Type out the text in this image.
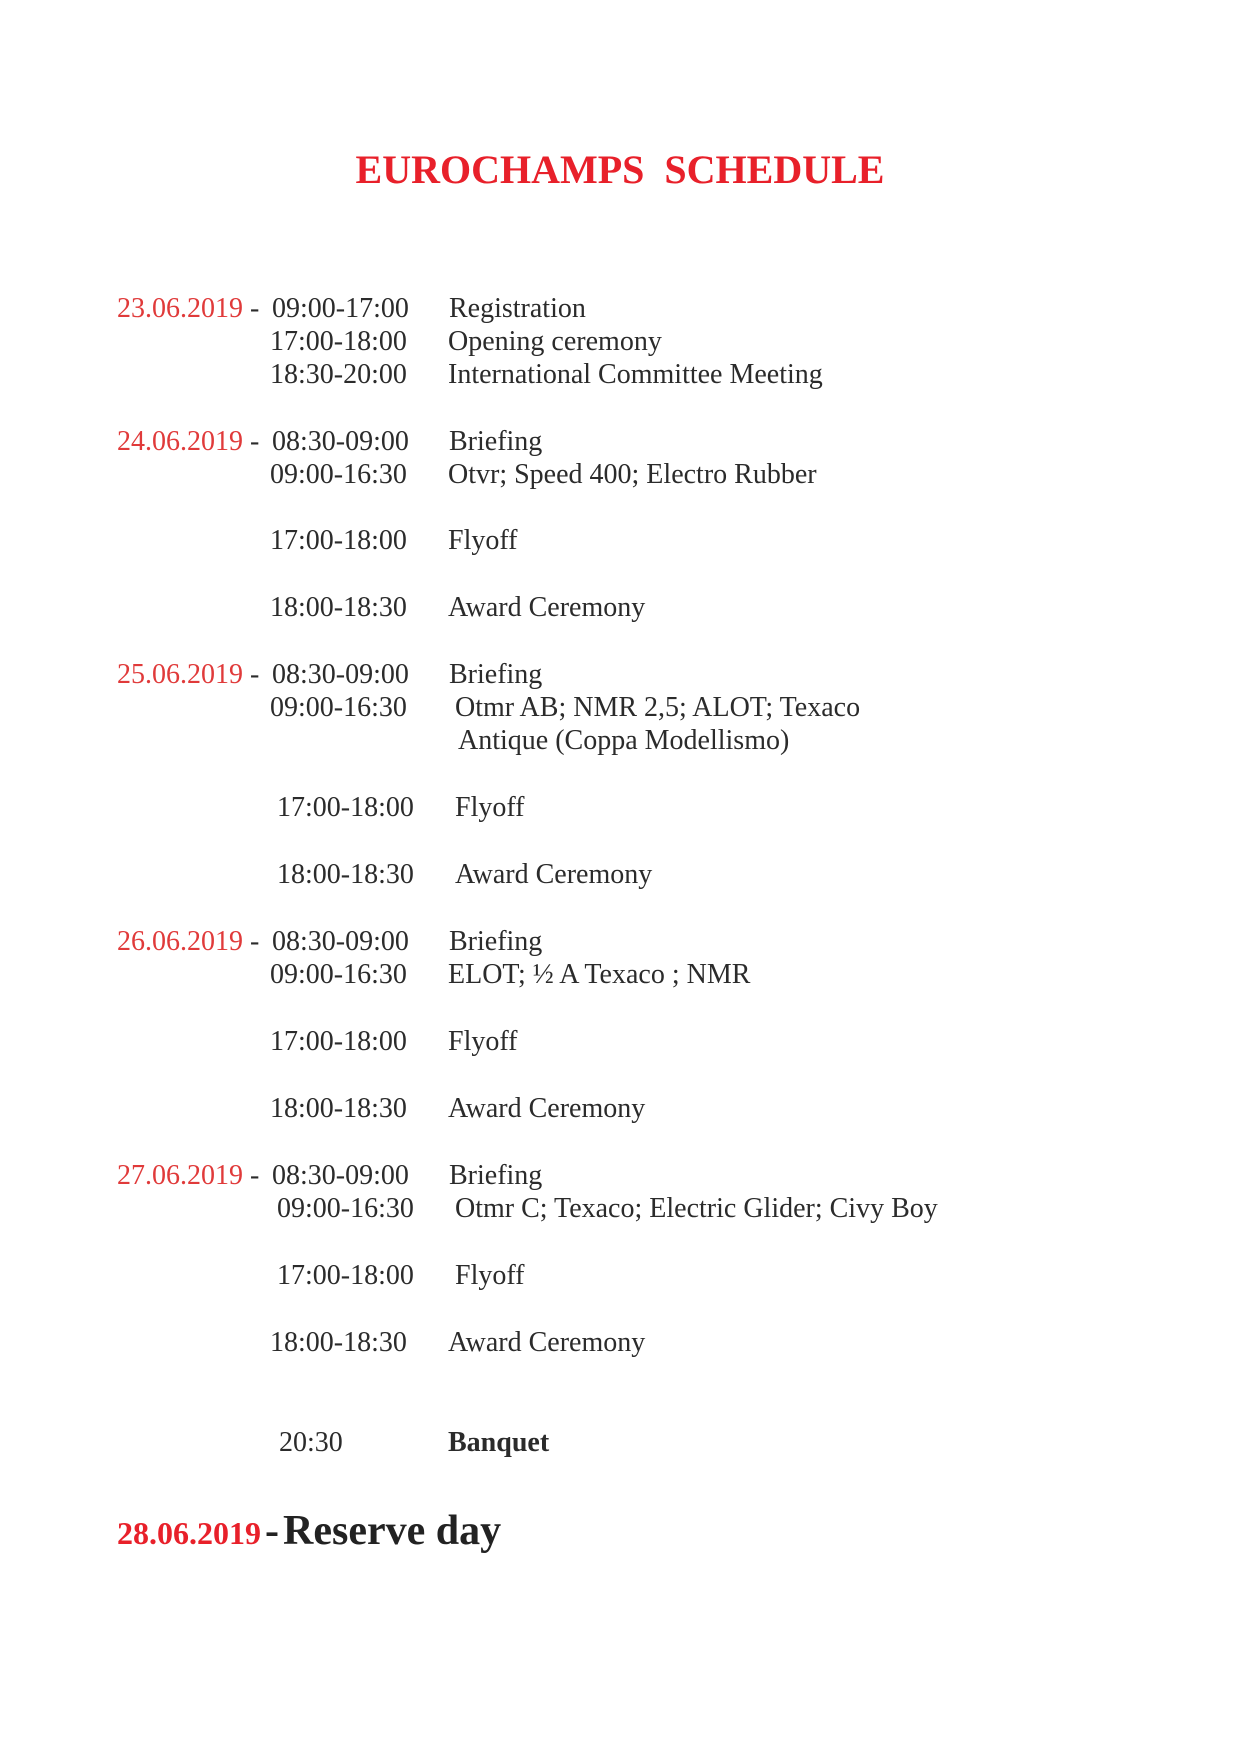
EUROCHAMPS  SCHEDULE
23.06.2019 - 09:00-17:00 Registration
17:00-18:00 Opening ceremony
18:30-20:00 International Committee Meeting
24.06.2019 - 08:30-09:00 Briefing
09:00-16:30 Otvr; Speed 400; Electro Rubber
17:00-18:00 Flyoff
18:00-18:30 Award Ceremony
25.06.2019 - 08:30-09:00 Briefing
09:00-16:30 Otmr AB; NMR 2,5; ALOT; Texaco
Antique (Coppa Modellismo)
17:00-18:00 Flyoff
18:00-18:30 Award Ceremony
26.06.2019 - 08:30-09:00 Briefing
09:00-16:30 ELOT; ½ A Texaco ; NMR
17:00-18:00 Flyoff
18:00-18:30 Award Ceremony
27.06.2019 - 08:30-09:00 Briefing
09:00-16:30 Otmr C; Texaco; Electric Glider; Civy Boy
17:00-18:00 Flyoff
18:00-18:30 Award Ceremony
20:30	Banquet
28.06.2019 - Reserve day
